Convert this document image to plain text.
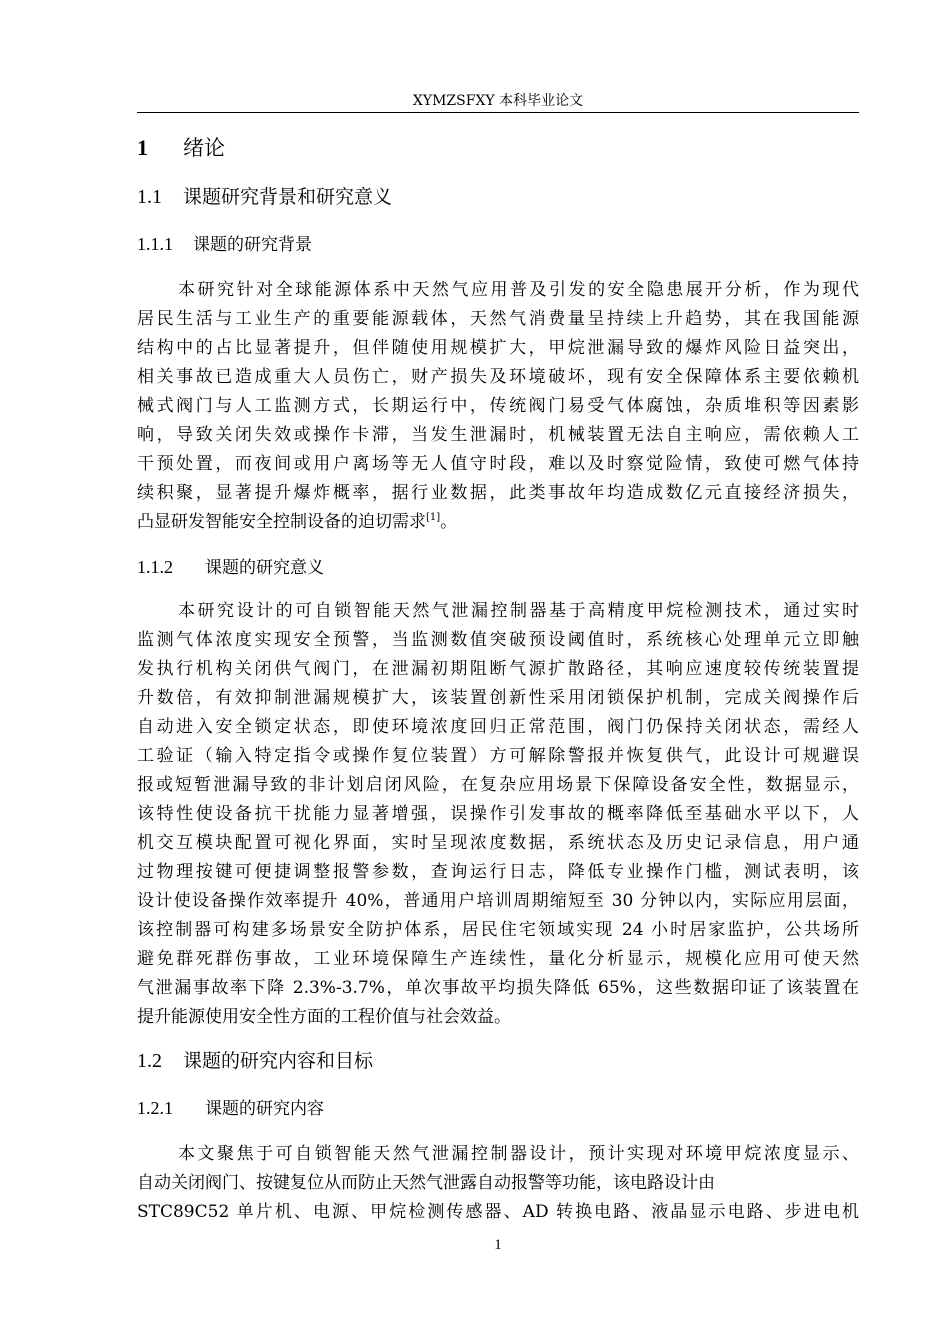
XYMZSFXY 本科毕业论文
1 绪论
1.1 课题研究背景和研究意义
1.1.1 课题的研究背景
本研究针对全球能源体系中天然气应用普及引发的安全隐患展开分析，作为现代
居民生活与工业生产的重要能源载体，天然气消费量呈持续上升趋势，其在我国能源
结构中的占比显著提升，但伴随使用规模扩大，甲烷泄漏导致的爆炸风险日益突出，
相关事故已造成重大人员伤亡，财产损失及环境破坏，现有安全保障体系主要依赖机
械式阀门与人工监测方式，长期运行中，传统阀门易受气体腐蚀，杂质堆积等因素影
响，导致关闭失效或操作卡滞，当发生泄漏时，机械装置无法自主响应，需依赖人工
干预处置，而夜间或用户离场等无人值守时段，难以及时察觉险情，致使可燃气体持
续积聚，显著提升爆炸概率，据行业数据，此类事故年均造成数亿元直接经济损失，
凸显研发智能安全控制设备的迫切需求[1]。
1.1.2 课题的研究意义
本研究设计的可自锁智能天然气泄漏控制器基于高精度甲烷检测技术，通过实时
监测气体浓度实现安全预警，当监测数值突破预设阈值时，系统核心处理单元立即触
发执行机构关闭供气阀门，在泄漏初期阻断气源扩散路径，其响应速度较传统装置提
升数倍，有效抑制泄漏规模扩大，该装置创新性采用闭锁保护机制，完成关阀操作后
自动进入安全锁定状态，即使环境浓度回归正常范围，阀门仍保持关闭状态，需经人
工验证（输入特定指令或操作复位装置）方可解除警报并恢复供气，此设计可规避误
报或短暂泄漏导致的非计划启闭风险，在复杂应用场景下保障设备安全性，数据显示，
该特性使设备抗干扰能力显著增强，误操作引发事故的概率降低至基础水平以下，人
机交互模块配置可视化界面，实时呈现浓度数据，系统状态及历史记录信息，用户通
过物理按键可便捷调整报警参数，查询运行日志，降低专业操作门槛，测试表明，该
设计使设备操作效率提升 40%，普通用户培训周期缩短至 30 分钟以内，实际应用层面，
该控制器可构建多场景安全防护体系，居民住宅领域实现 24 小时居家监护，公共场所
避免群死群伤事故，工业环境保障生产连续性，量化分析显示，规模化应用可使天然
气泄漏事故率下降 2.3%-3.7%，单次事故平均损失降低 65%，这些数据印证了该装置在
提升能源使用安全性方面的工程价值与社会效益。
1.2 课题的研究内容和目标
1.2.1 课题的研究内容
本文聚焦于可自锁智能天然气泄漏控制器设计，预计实现对环境甲烷浓度显示、
自动关闭阀门、按键复位从而防止天然气泄露自动报警等功能，该电路设计由
STC89C52 单片机、电源、甲烷检测传感器、AD 转换电路、液晶显示电路、步进电机
1
